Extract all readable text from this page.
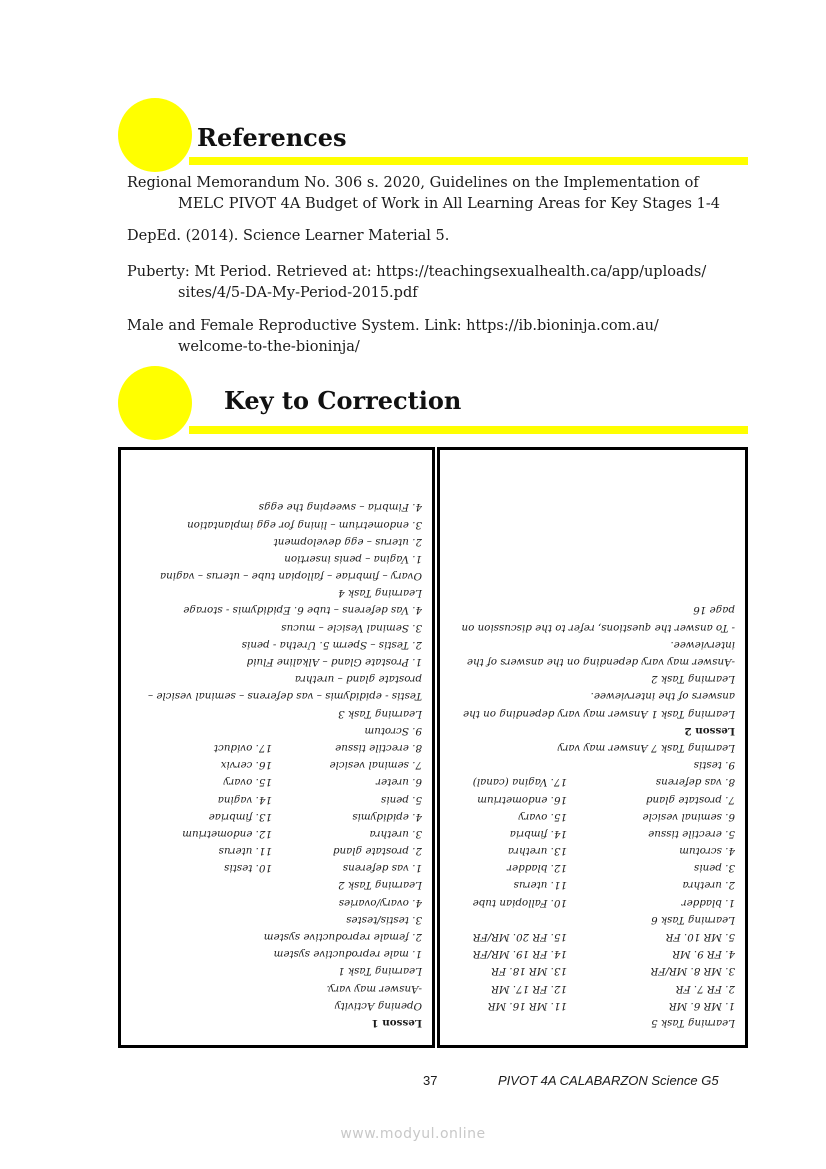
References
Regional Memorandum No. 306 s. 2020, Guidelines on the Implementation of
MELC PIVOT 4A Budget of Work in All Learning Areas for Key Stages 1-4
DepEd. (2014). Science Learner Material 5.
Puberty: Mt Period. Retrieved at: https://teachingsexualhealth.ca/app/uploads/
sites/4/5-DA-My-Period-2015.pdf
Male and Female Reproductive System. Link: https://ib.bioninja.com.au/
welcome-to-the-bioninja/
Key to Correction
Lesson 1
Opening Activity
-Answer may vary.
Learning Task 1
1. male reproductive system
2. female reproductive system
3. testis/testes
4. ovary/ovaries
Learning Task 2
1. vas deferens10. testis
2. prostate gland11. uterus
3. urethra12. endometrium
4. epididymis13. fimbriae
5. penis14. vagina
6. ureter15. ovary
7. seminal vesicle16. cervix
8. erectile tissue17. oviduct
9. Scrotum
Learning Task 3
Testis - epididymis – vas deferens – seminal vesicle –
prostate gland – urethra
1. Prostate Gland – Alkaline Fluid
2. Testis – Sperm 5. Uretha - penis
3. Seminal Vesicle – mucus
4. Vas deferens – tube 6. Epididymis - storage
Learning Task 4
Ovary – fimbriae – fallopian tube – uterus – vagina
1. Vagina – penis insertion
2. uterus – egg development
3. endometrium – lining for egg implantation
4. Fimbria – sweeping the eggs
Learning Task 5
1. MR 6. MR11. MR 16. MR
2. FR 7. FR12. FR 17. MR
3. MR 8. MR/FR13. MR 18. FR
4. FR 9. MR14. FR 19. MR/FR
5. MR 10. FR15. FR 20. MR/FR
Learning Task 6
1. bladder10. Fallopian tube
2. urethra11. uterus
3. penis12. bladder
4. scrotum13. urethra
5. erectile tissue14. fimbria
6. seminal vesicle15. ovary
7. prostate gland16. endometrium
8. vas deferens17. Vagina (canal)
9. testis
Learning Task 7 Answer may vary
Lesson 2
Learning Task 1 Answer may vary depending on the
answers of the interviewee.
Learning Task 2
-Answer may vary depending on the answers of the
interviewee.
- To answer the questions, refer to the discussion on
page 16
37	PIVOT 4A CALABARZON Science G5
www.modyul.online
